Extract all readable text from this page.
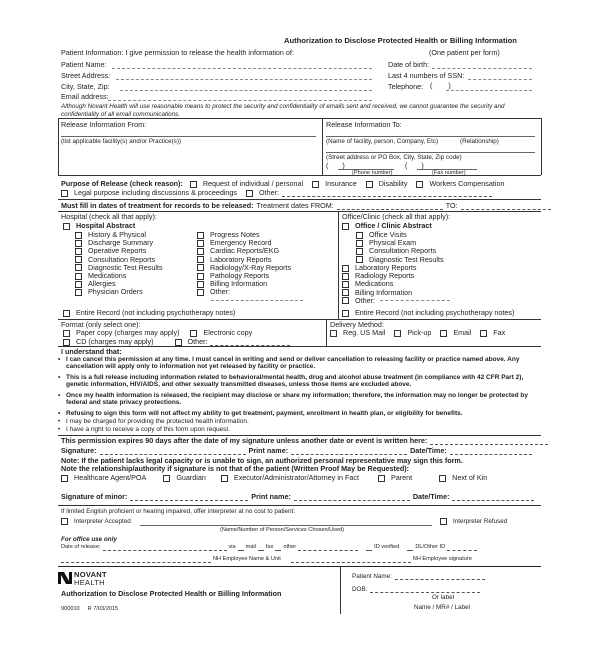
Authorization to Disclose Protected Health or Billing Information
Patient Information: I give permission to release the health information of:	(One patient per form)
Patient Name:	Date of birth:
Street Address:	Last 4 numbers of SSN:
City, State, Zip:	Telephone: (        )
Email address:
Although Novant Health will use reasonable means to protect the security and confidentiality of emails sent and received, we cannot guarantee the security and confidentiality of all email communications.
Release Information From:
(list applicable facility(s) and/or Practice(s))
Release Information To:
(Name of facility, person, Company, Etc)	(Relationship)
(Street address or PO Box, City, State, Zip code)
(       )	(       )
(Phone number)	(Fax number)
Purpose of Release (check reason):	Request of individual / personal	Insurance	Disability	Workers Compensation
Legal purpose including discussions & proceedings	Other:
Must fill in dates of treatment for records to be released: Treatment dates FROM:	TO:
Hospital (check all that apply):
Hospital Abstract
History & Physical
Discharge Summary
Operative Reports
Consultation Reports
Diagnostic Test Results
Medications
Allergies
Physician Orders
Progress Notes
Emergency Record
Cardiac Reports/EKG
Laboratory Reports
Radiology/X-Ray Reports
Pathology Reports
Billing Information
Other:
Entire Record (not including psychotherapy notes)
Office/Clinic (check all that apply):
Office / Clinic Abstract
Office Visits
Physical Exam
Consultation Reports
Diagnostic Test Results
Laboratory Reports
Radiology Reports
Medications
Billing Information
Other:
Entire Record (not including psychotherapy notes)
Format (only select one):
Paper copy (charges may apply)	Electronic copy
CD (charges may apply)	Other:
Delivery Method:
Reg. US Mail	Pick-up	Email	Fax
I understand that:
• I can cancel this permission at any time. I must cancel in writing and send or deliver cancellation to releasing facility or practice named above. Any cancellation will apply only to information not yet released by facility or practice.
• This is a full release including information related to behavioral/mental health, drug and alcohol abuse treatment (in compliance with 42 CFR Part 2), genetic information, HIV/AIDS, and other sexually transmitted diseases, unless those items are excluded above.
• Once my health information is released, the recipient may disclose or share my information; therefore, the information may no longer be protected by federal and state privacy protections.
• Refusing to sign this form will not affect my ability to get treatment, payment, enrollment in health plan, or eligibility for benefits.
• I may be charged for providing the protected health information.
• I have a right to receive a copy of this form upon request.
This permission expires 90 days after the date of my signature unless another date or event is written here:
Signature:	Print name:	Date/Time:
Note: If the patient lacks legal capacity or is unable to sign, an authorized personal representative may sign this form.
Note the relationship/authority if signature is not that of the patient (Written Proof May be Requested):
Healthcare Agent/POA	Guardian	Executor/Administrator/Attorney in Fact	Parent	Next of Kin
Signature of minor:	Print name:	Date/Time:
If limited English proficient or hearing impaired, offer interpreter at no cost to patient:
Interpreter Accepted	Interpreter Refused
(Name/Number of Person/Services Chosen/Used)
For office use only
Date of release:	via mail fax other	ID verified	DL/Other ID
NH Employee Name & Unit	NH Employee signature
NOVANT
HEALTH
Authorization to Disclose Protected Health or Billing Information
900010 R 7/03/2015
Patient Name:
DOB:
Or label
Name / MR# / Label
